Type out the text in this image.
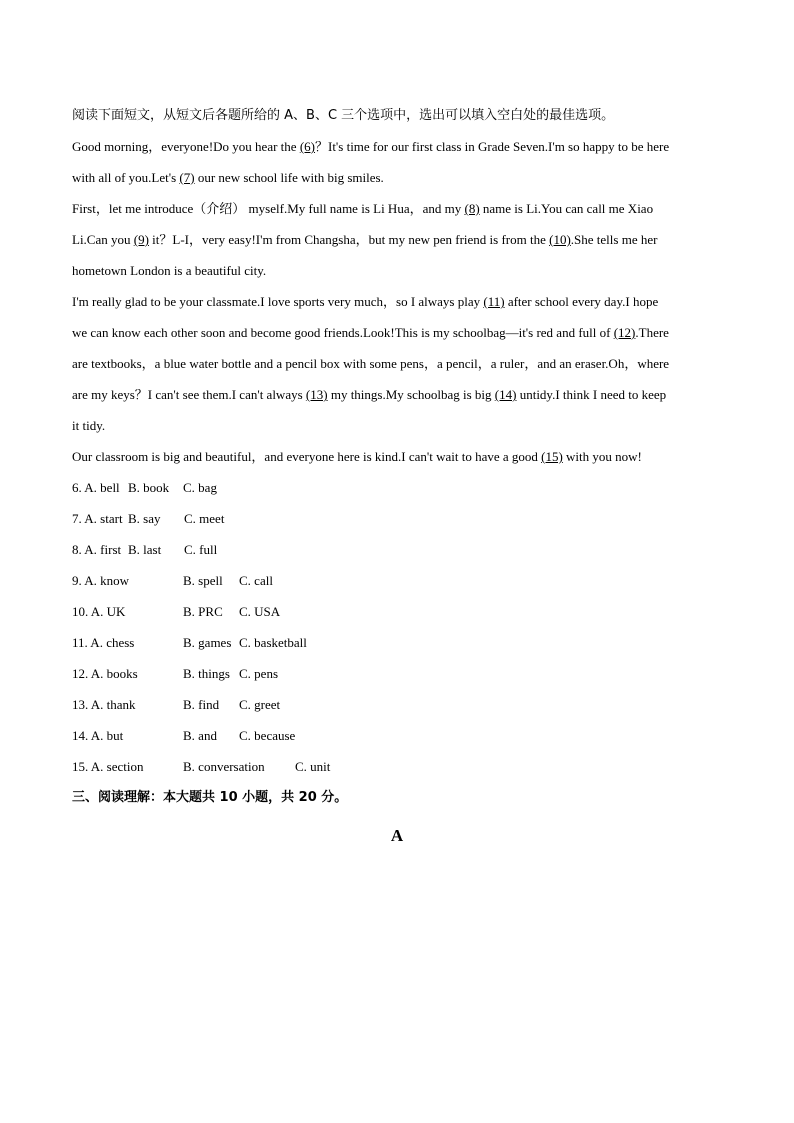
阅读下面短文，从短文后各题所给的 A、B、C 三个选项中，选出可以填入空白处的最佳选项。
Good morning，everyone!Do you hear the (6)？It's time for our first class in Grade Seven.I'm so happy to be here
with all of you.Let's (7) our new school life with big smiles.
First，let me introduce（介绍） myself.My full name is Li Hua，and my (8) name is Li.You can call me Xiao
Li.Can you (9) it？L-I，very easy!I'm from Changsha，but my new pen friend is from the (10).She tells me her
hometown London is a beautiful city.
I'm really glad to be your classmate.I love sports very much，so I always play (11) after school every day.I hope
we can know each other soon and become good friends.Look!This is my schoolbag—it's red and full of (12).There
are textbooks，a blue water bottle and a pencil box with some pens，a pencil，a ruler，and an eraser.Oh，where
are my keys？I can't see them.I can't always (13) my things.My schoolbag is big (14) untidy.I think I need to keep
it tidy.
Our classroom is big and beautiful，and everyone here is kind.I can't wait to have a good (15) with you now!
6. A. bell B. book C. bag
7. A. start B. say C. meet
8. A. first B. last C. full
9. A. know	B. spell C. call
10. A. UK	B. PRC C. USA
11. A. chess	B. games C. basketball
12. A. books	B. things C. pens
13. A. thank	B. find C. greet
14. A. but	B. and C. because
15. A. section	B. conversation C. unit
三、阅读理解：本大题共 10 小题，共 20 分。
A
